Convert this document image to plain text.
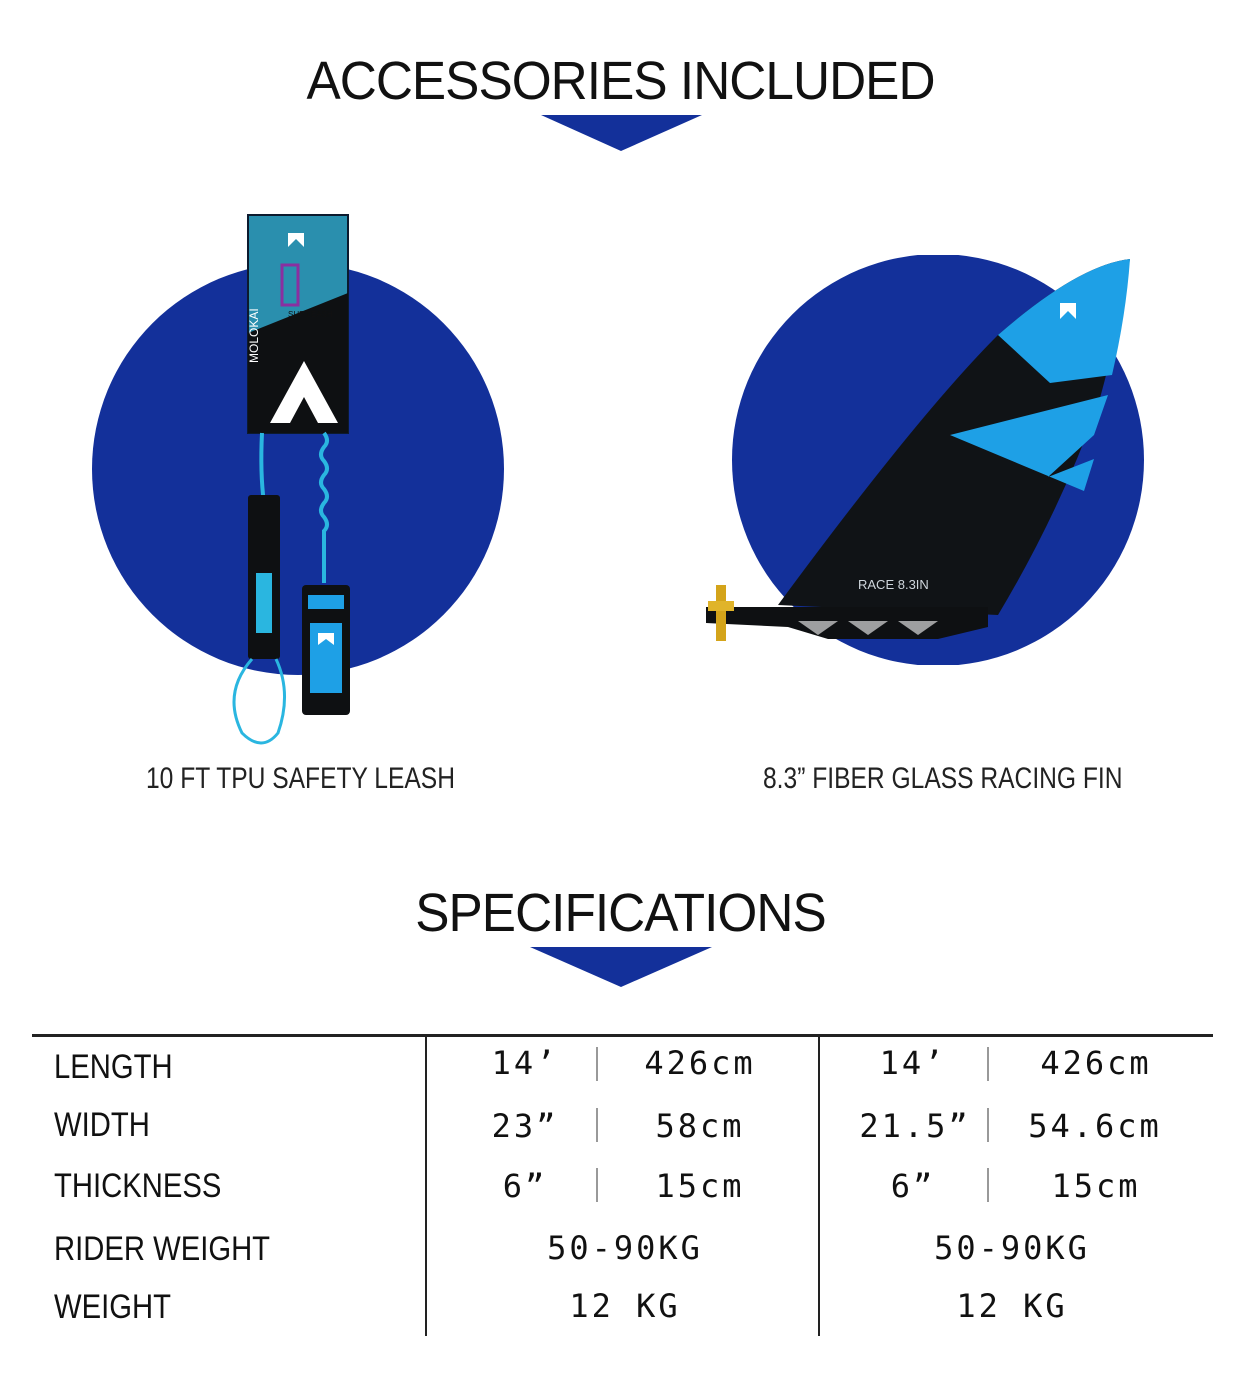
ACCESSORIES INCLUDED
SUP LEASH
MOLOKAI
10 FT TPU SAFETY LEASH
RACE 8.3IN
8.3” FIBER GLASS RACING FIN
SPECIFICATIONS
LENGTH	14’	426cm	14’	426cm
WIDTH	23”	58cm	21.5”	54.6cm
THICKNESS	6”	15cm	6”	15cm
RIDER WEIGHT	50-90KG	50-90KG
WEIGHT	12 KG	12 KG
